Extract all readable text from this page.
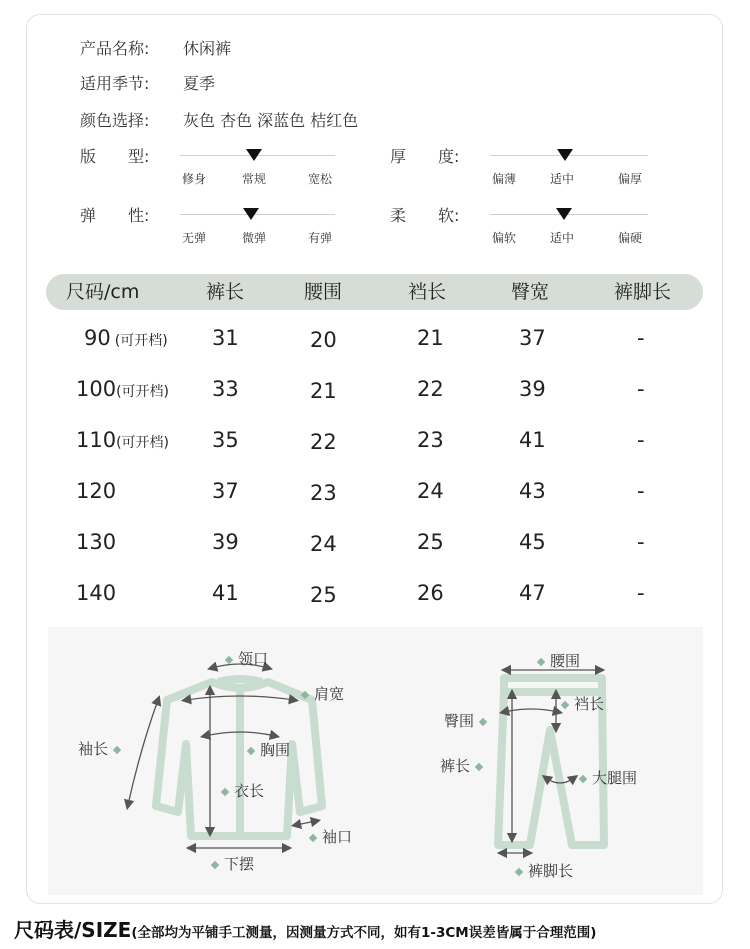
产品名称: 休闲裤
适用季节: 夏季
颜色选择: 灰色 杏色 深蓝色 桔红色
版　　型:
修身	常规	宽松
厚　　度:
偏薄	适中	偏厚
弹　　性:
无弹	微弹	有弹
柔　　软:
偏软	适中	偏硬
尺码/cm	裤长	腰围	裆长	臀宽	裤脚长
90 (可开档) 31	20	21	37	-
100(可开档) 33	21	22	39	-
110(可开档) 35	22	23	41	-
120	37	23	24	43	-
130	39	24	25	45	-
140	41	25	26	47	-
领口
肩宽
袖长	胸围
衣长
袖口
下摆
腰围
臀围
裆长
裤长
大腿围
裤脚长
尺码表/SIZE(全部均为平铺手工测量，因测量方式不同，如有1-3CM误差皆属于合理范围)
